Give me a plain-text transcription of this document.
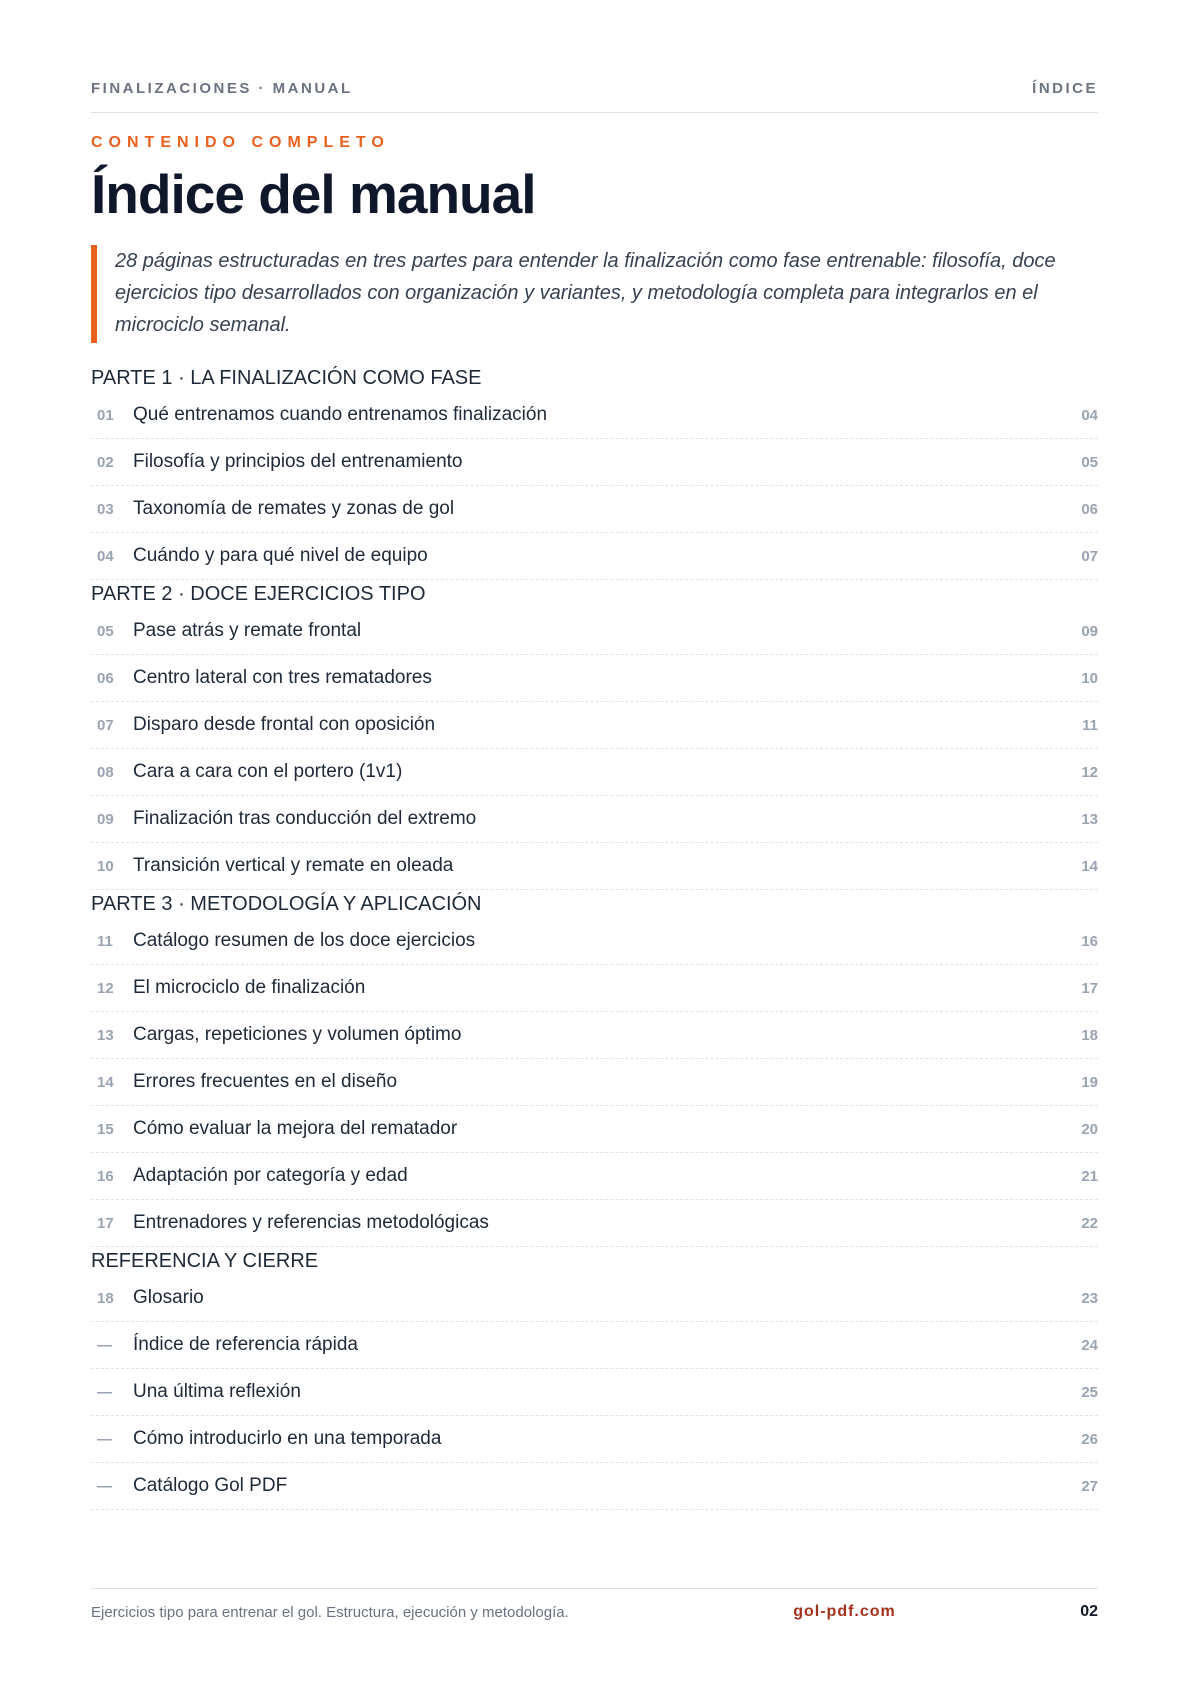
FINALIZACIONES · MANUAL	ÍNDICE
CONTENIDO COMPLETO
Índice del manual
28 páginas estructuradas en tres partes para entender la finalización como fase entrenable: filosofía, doce ejercicios tipo desarrollados con organización y variantes, y metodología completa para integrarlos en el microciclo semanal.
PARTE 1 · LA FINALIZACIÓN COMO FASE
01	Qué entrenamos cuando entrenamos finalización	04
02	Filosofía y principios del entrenamiento	05
03	Taxonomía de remates y zonas de gol	06
04	Cuándo y para qué nivel de equipo	07
PARTE 2 · DOCE EJERCICIOS TIPO
05	Pase atrás y remate frontal	09
06	Centro lateral con tres rematadores	10
07	Disparo desde frontal con oposición	11
08	Cara a cara con el portero (1v1)	12
09	Finalización tras conducción del extremo	13
10	Transición vertical y remate en oleada	14
PARTE 3 · METODOLOGÍA Y APLICACIÓN
11	Catálogo resumen de los doce ejercicios	16
12	El microciclo de finalización	17
13	Cargas, repeticiones y volumen óptimo	18
14	Errores frecuentes en el diseño	19
15	Cómo evaluar la mejora del rematador	20
16	Adaptación por categoría y edad	21
17	Entrenadores y referencias metodológicas	22
REFERENCIA Y CIERRE
18	Glosario	23
—	Índice de referencia rápida	24
—	Una última reflexión	25
—	Cómo introducirlo en una temporada	26
—	Catálogo Gol PDF	27
Ejercicios tipo para entrenar el gol. Estructura, ejecución y metodología.	gol-pdf.com	02
